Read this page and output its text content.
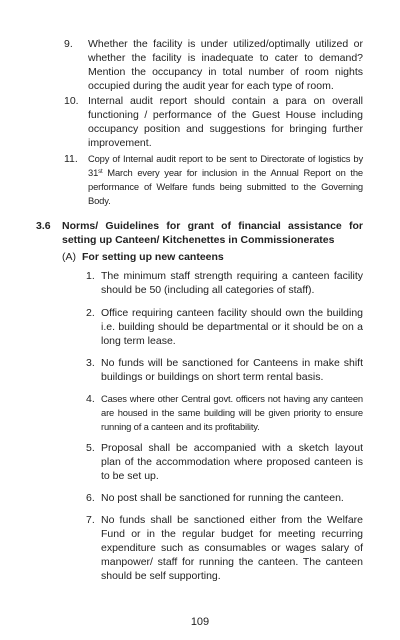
9.	Whether the facility is under utilized/optimally utilized or whether the facility is inadequate to cater to demand? Mention the occupancy in total number of room nights occupied during the audit year for each type of room.
10. Internal audit report should contain a para on overall functioning / performance of the Guest House including occupancy position and suggestions for bringing further improvement.
11.	Copy of Internal audit report to be sent to Directorate of logistics by 31st March every year for inclusion in the Annual Report on the performance of Welfare funds being submitted to the Governing Body.
3.6	Norms/ Guidelines for grant of financial assistance for setting up Canteen/ Kitchenettes in Commissionerates
(A) For setting up new canteens
1. The minimum staff strength requiring a canteen facility should be 50 (including all categories of staff).
2. Office requiring canteen facility should own the building i.e. building should be departmental or it should be on a long term lease.
3. No funds will be sanctioned for Canteens in make shift buildings or buildings on short term rental basis.
4. Cases where other Central govt. officers not having any canteen are housed in the same building will be given priority to ensure running of a canteen and its profitability.
5. Proposal shall be accompanied with a sketch layout plan of the accommodation where proposed canteen is to be set up.
6. No post shall be sanctioned for running the canteen.
7. No funds shall be sanctioned either from the Welfare Fund or in the regular budget for meeting recurring expenditure such as consumables or wages salary of manpower/ staff for running the canteen. The canteen should be self supporting.
109
